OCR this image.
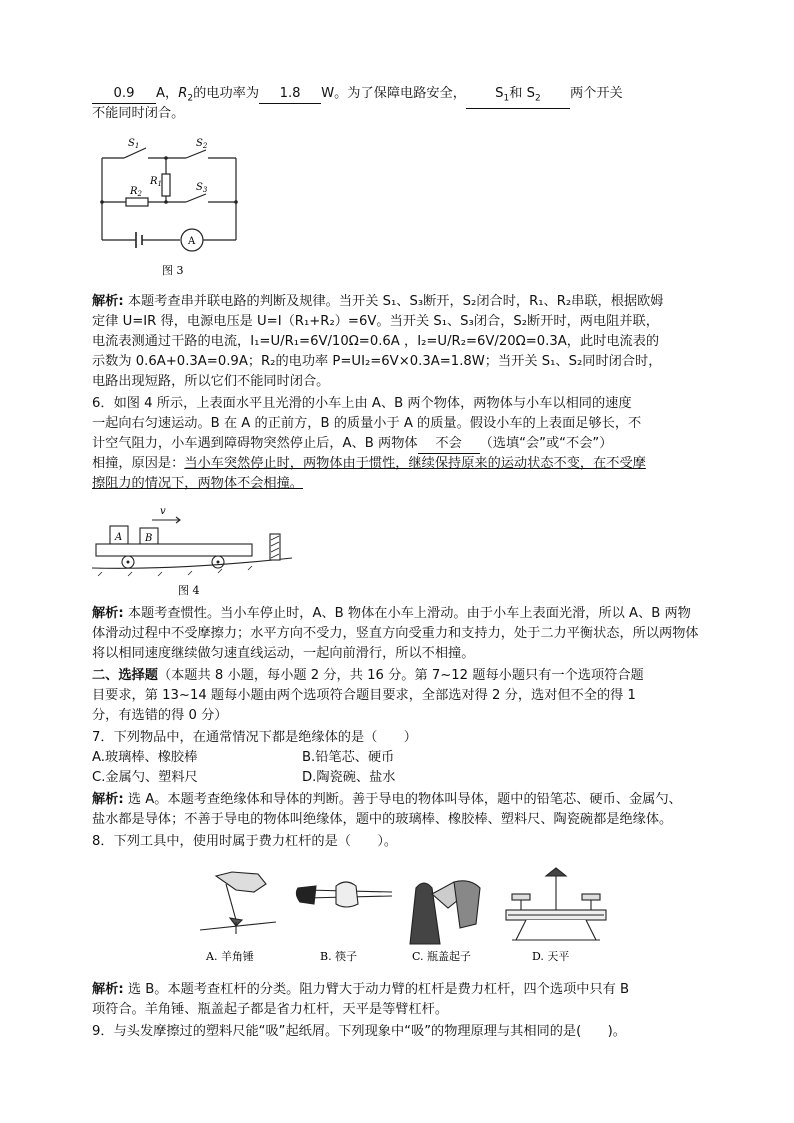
0.9 A，$R_2$的电功率为 1.8 W。为了保障电路安全， $S_1$和 $S_2$ 两个开关
不能同时闭合。
$S_1$	$S_2$
$S_3$
$R_1$
$R_2$
A
图 3
解析: 本题考查串并联电路的判断及规律。当开关 S₁、S₃断开，S₂闭合时，R₁、R₂串联，根据欧姆
定律 U=IR 得，电源电压是 U=I（R₁+R₂）=6V。当开关 S₁、S₃闭合，S₂断开时，两电阻并联，
电流表测通过干路的电流，I₁=U/R₁=6V/10Ω=0.6A ，I₂=U/R₂=6V/20Ω=0.3A，此时电流表的
示数为 0.6A+0.3A=0.9A；R₂的电功率 P=UI₂=6V×0.3A=1.8W；当开关 S₁、S₂同时闭合时，
电路出现短路，所以它们不能同时闭合。
6．如图 4 所示，上表面水平且光滑的小车上由 A、B 两个物体，两物体与小车以相同的速度
一起向右匀速运动。B 在 A 的正前方，B 的质量小于 A 的质量。假设小车的上表面足够长，不
计空气阻力，小车遇到障碍物突然停止后，A、B 两物体 不会 （选填“会”或“不会”）
相撞，原因是：当小车突然停止时，两物体由于惯性，继续保持原来的运动状态不变，在不受摩
擦阻力的情况下，两物体不会相撞。
A B
v
图 4
解析: 本题考查惯性。当小车停止时，A、B 物体在小车上滑动。由于小车上表面光滑，所以 A、B 两物
体滑动过程中不受摩擦力；水平方向不受力，竖直方向受重力和支持力，处于二力平衡状态，所以两物体
将以相同速度继续做匀速直线运动，一起向前滑行，所以不相撞。
二、选择题（本题共 8 小题，每小题 2 分，共 16 分。第 7~12 题每小题只有一个选项符合题
目要求，第 13~14 题每小题由两个选项符合题目要求，全部选对得 2 分，选对但不全的得 1
分，有选错的得 0 分）
7．下列物品中，在通常情况下都是绝缘体的是（　　）
A.玻璃棒、橡胶棒	B.铅笔芯、硬币
C.金属勺、塑料尺	D.陶瓷碗、盐水
解析: 选 A。本题考查绝缘体和导体的判断。善于导电的物体叫导体，题中的铅笔芯、硬币、金属勺、
盐水都是导体；不善于导电的物体叫绝缘体，题中的玻璃棒、橡胶棒、塑料尺、陶瓷碗都是绝缘体。
8．下列工具中，使用时属于费力杠杆的是（　　）。
A. 羊角锤	B. 筷子	C. 瓶盖起子	D. 天平
解析: 选 B。本题考查杠杆的分类。阻力臂大于动力臂的杠杆是费力杠杆，四个选项中只有 B
项符合。羊角锤、瓶盖起子都是省力杠杆，天平是等臂杠杆。
9．与头发摩擦过的塑料尺能“吸”起纸屑。下列现象中“吸”的物理原理与其相同的是(　　)。
